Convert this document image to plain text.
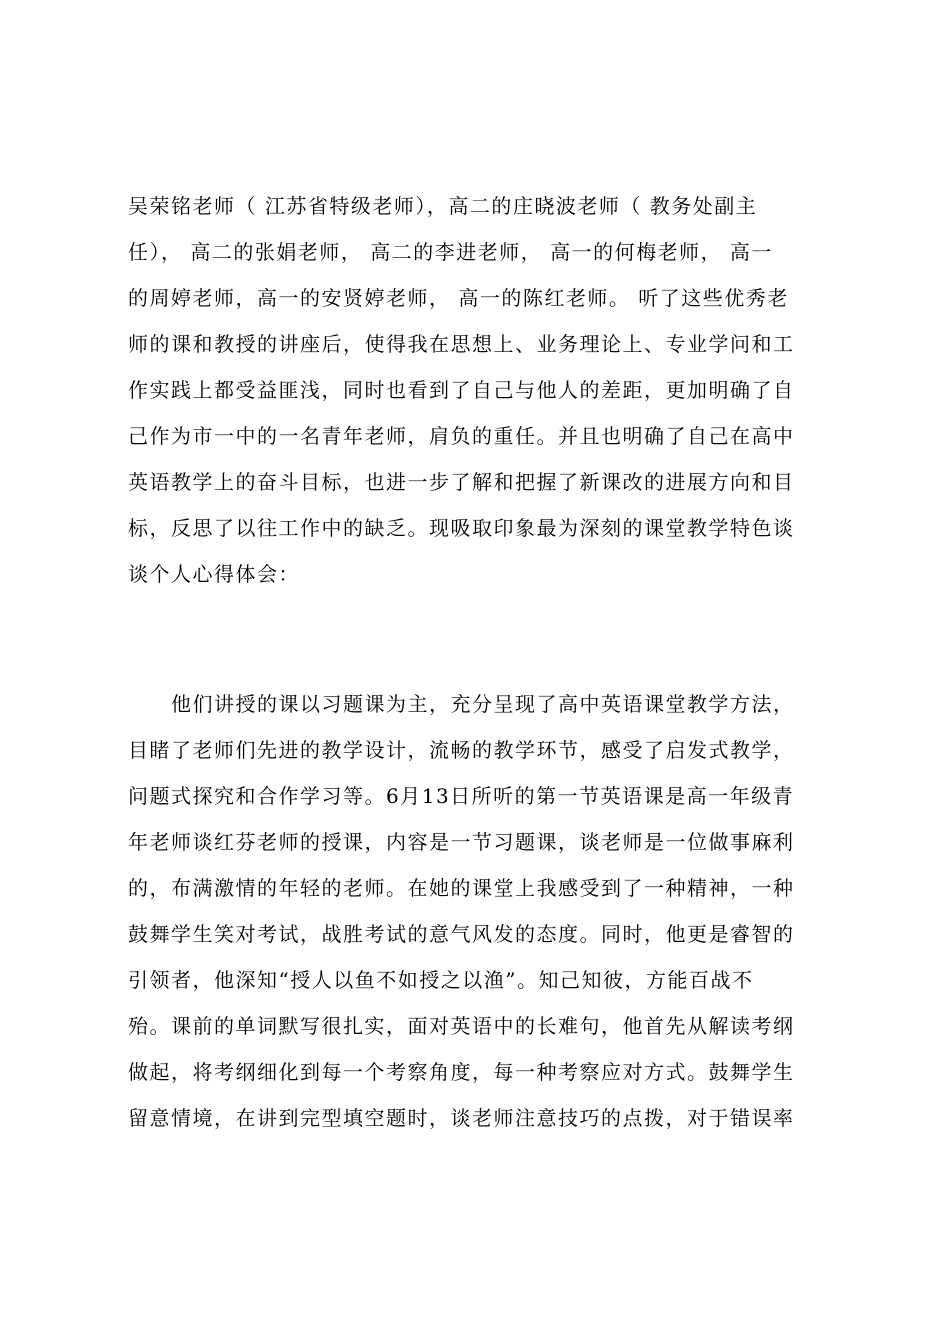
吴荣铭老师（ 江苏省特级老师），高二的庄晓波老师（ 教务处副主
任）， 高二的张娟老师， 高二的李进老师， 高一的何梅老师， 高一
的周婷老师，高一的安贤婷老师， 高一的陈红老师。 听了这些优秀老
师的课和教授的讲座后，使得我在思想上、业务理论上、专业学问和工
作实践上都受益匪浅，同时也看到了自己与他人的差距，更加明确了自
己作为市一中的一名青年老师，肩负的重任。并且也明确了自己在高中
英语教学上的奋斗目标，也进一步了解和把握了新课改的进展方向和目
标，反思了以往工作中的缺乏。现吸取印象最为深刻的课堂教学特色谈
谈个人心得体会：
　　他们讲授的课以习题课为主，充分呈现了高中英语课堂教学方法，
目睹了老师们先进的教学设计，流畅的教学环节，感受了启发式教学，
问题式探究和合作学习等。6月13日所听的第一节英语课是高一年级青
年老师谈红芬老师的授课，内容是一节习题课，谈老师是一位做事麻利
的，布满激情的年轻的老师。在她的课堂上我感受到了一种精神，一种
鼓舞学生笑对考试，战胜考试的意气风发的态度。同时，他更是睿智的
引领者，他深知“授人以鱼不如授之以渔”。知己知彼，方能百战不
殆。课前的单词默写很扎实，面对英语中的长难句，他首先从解读考纲
做起，将考纲细化到每一个考察角度，每一种考察应对方式。鼓舞学生
留意情境，在讲到完型填空题时，谈老师注意技巧的点拨，对于错误率
